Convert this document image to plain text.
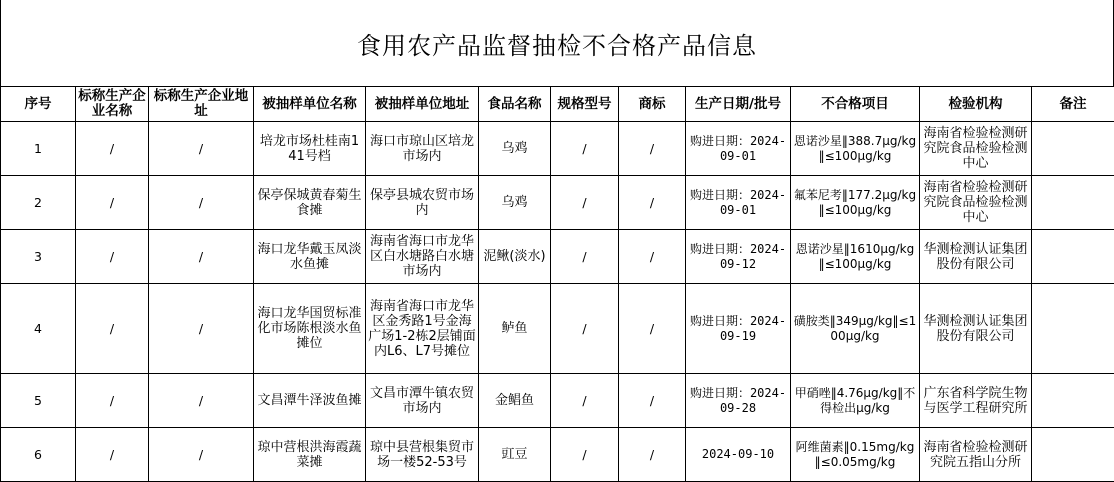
食用农产品监督抽检不合格产品信息
序号	标称生产企业名称	标称生产企业地址	被抽样单位名称	被抽样单位地址	食品名称	规格型号	商标	生产日期/批号	不合格项目	检验机构	备注
1	/	/	培龙市场杜桂南141号档	海口市琼山区培龙市场内	乌鸡	/	/	购进日期：2024-09-01	恩诺沙星‖388.7μg/kg‖≤100μg/kg	海南省检验检测研究院食品检验检测中心	
2	/	/	保亭保城黄春菊生食摊	保亭县城农贸市场内	乌鸡	/	/	购进日期：2024-09-01	氟苯尼考‖177.2μg/kg‖≤100μg/kg	海南省检验检测研究院食品检验检测中心	
3	/	/	海口龙华戴玉凤淡水鱼摊	海南省海口市龙华区白水塘路白水塘市场内	泥鳅(淡水)	/	/	购进日期：2024-09-12	恩诺沙星‖1610μg/kg‖≤100μg/kg	华测检测认证集团股份有限公司	
4	/	/	海口龙华国贸标准化市场陈根淡水鱼摊位	海南省海口市龙华区金秀路1号金海广场1-2栋2层铺面内L6、L7号摊位	鲈鱼	/	/	购进日期：2024-09-19	磺胺类‖349μg/kg‖≤100μg/kg	华测检测认证集团股份有限公司	
5	/	/	文昌潭牛泽波鱼摊	文昌市潭牛镇农贸市场内	金鲳鱼	/	/	购进日期：2024-09-28	甲硝唑‖4.76μg/kg‖不得检出μg/kg	广东省科学院生物与医学工程研究所	
6	/	/	琼中营根洪海霞蔬菜摊	琼中县营根集贸市场一楼52-53号	豇豆	/	/	2024-09-10	阿维菌素‖0.15mg/kg‖≤0.05mg/kg	海南省检验检测研究院五指山分所	
